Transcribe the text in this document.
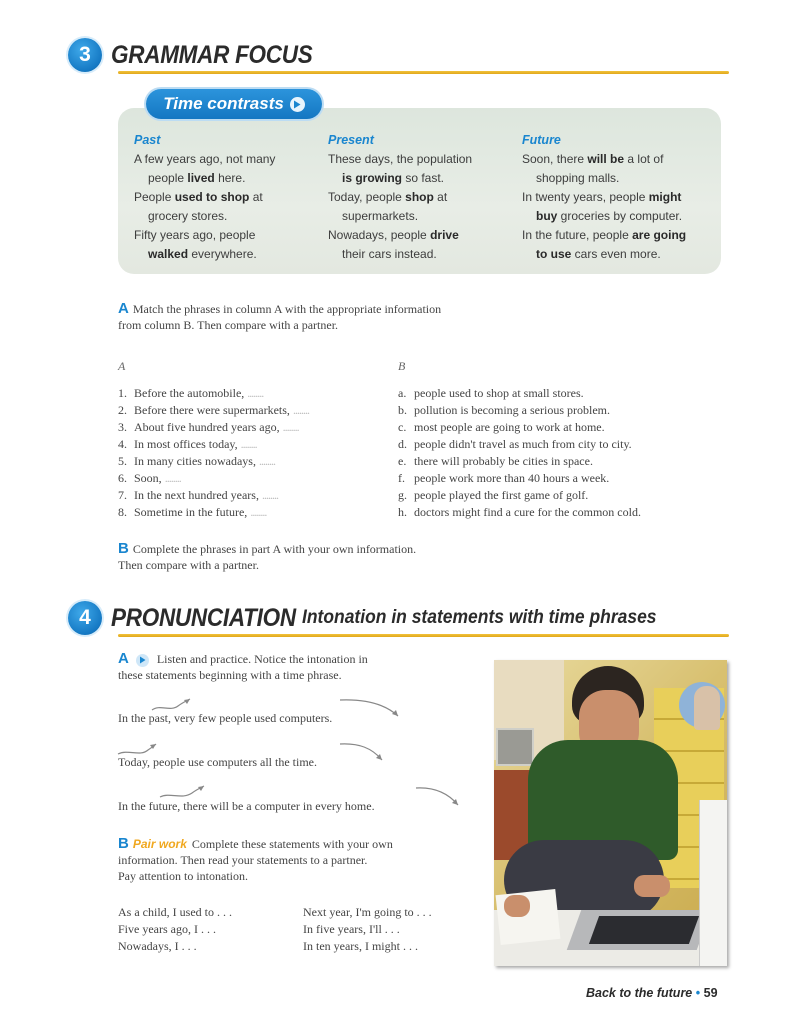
3 GRAMMAR FOCUS
Time contrasts
Past
A few years ago, not many
people lived here.
People used to shop at
grocery stores.
Fifty years ago, people
walked everywhere.
Present
These days, the population
is growing so fast.
Today, people shop at
supermarkets.
Nowadays, people drive
their cars instead.
Future
Soon, there will be a lot of
shopping malls.
In twenty years, people might
buy groceries by computer.
In the future, people are going
to use cars even more.
A Match the phrases in column A with the appropriate information
from column B. Then compare with a partner.
A	B
1. Before the automobile, ........
2. Before there were supermarkets, ........
3. About five hundred years ago, ........
4. In most offices today, ........
5. In many cities nowadays, ........
6. Soon, ........
7. In the next hundred years, ........
8. Sometime in the future, ........
a. people used to shop at small stores.
b. pollution is becoming a serious problem.
c. most people are going to work at home.
d. people didn't travel as much from city to city.
e. there will probably be cities in space.
f. people work more than 40 hours a week.
g. people played the first game of golf.
h. doctors might find a cure for the common cold.
B Complete the phrases in part A with your own information.
Then compare with a partner.
4 PRONUNCIATION Intonation in statements with time phrases
A Listen and practice. Notice the intonation in
these statements beginning with a time phrase.
In the past, very few people used computers.
Today, people use computers all the time.
In the future, there will be a computer in every home.
B Pair work Complete these statements with your own
information. Then read your statements to a partner.
Pay attention to intonation.
As a child, I used to . . .
Five years ago, I . . .
Nowadays, I . . .
Next year, I'm going to . . .
In five years, I'll . . .
In ten years, I might . . .
Back to the future • 59
